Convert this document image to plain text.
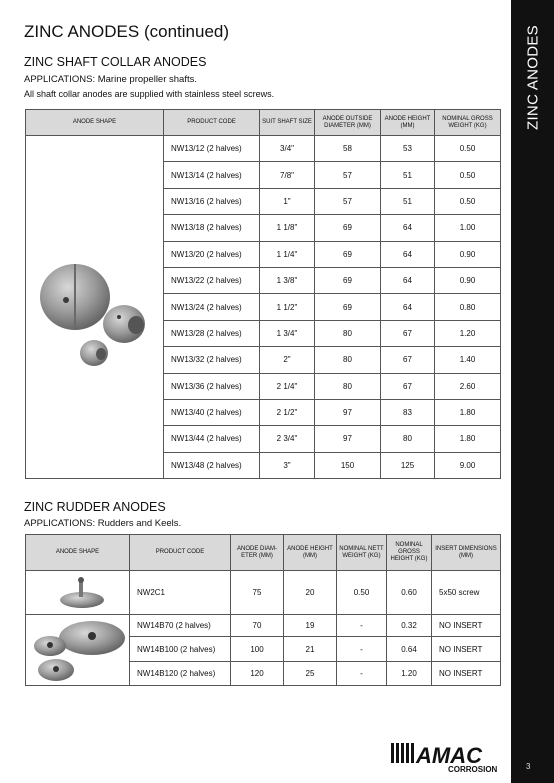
ZINC ANODES
3
ZINC ANODES (continued)
ZINC SHAFT COLLAR ANODES
APPLICATIONS: Marine propeller shafts.
All shaft collar anodes are supplied with stainless steel screws.
ANODE SHAPE	PRODUCT CODE	SUIT SHAFT SIZE	ANODE OUTSIDE DIAMETER (MM)	ANODE HEIGHT (MM)	NOMINAL GROSS WEIGHT (KG)
	NW13/12 (2 halves)	3/4"	58	53	0.50
	NW13/14 (2 halves)	7/8"	57	51	0.50
	NW13/16 (2 halves)	1"	57	51	0.50
	NW13/18 (2 halves)	1 1/8"	69	64	1.00
	NW13/20 (2 halves)	1 1/4"	69	64	0.90
	NW13/22 (2 halves)	1 3/8"	69	64	0.90
	NW13/24 (2 halves)	1 1/2"	69	64	0.80
	NW13/28 (2 halves)	1 3/4"	80	67	1.20
	NW13/32 (2 halves)	2"	80	67	1.40
	NW13/36 (2 halves)	2 1/4"	80	67	2.60
	NW13/40 (2 halves)	2 1/2"	97	83	1.80
	NW13/44 (2 halves)	2 3/4"	97	80	1.80
	NW13/48 (2 halves)	3"	150	125	9.00
ZINC RUDDER ANODES
APPLICATIONS: Rudders and Keels.
ANODE SHAPE	PRODUCT CODE	ANODE DIAM-ETER (MM)	ANODE HEIGHT (MM)	NOMINAL NETT WEIGHT (KG)	NOMINAL GROSS HEIGHT (KG)	INSERT DIMENSIONS (MM)
	NW2C1	75	20	0.50	0.60	5x50 screw
	NW14B70 (2 halves)	70	19	-	0.32	NO INSERT
	NW14B100 (2 halves)	100	21	-	0.64	NO INSERT
	NW14B120 (2 halves)	120	25	-	1.20	NO INSERT
AMAC
CORROSION
